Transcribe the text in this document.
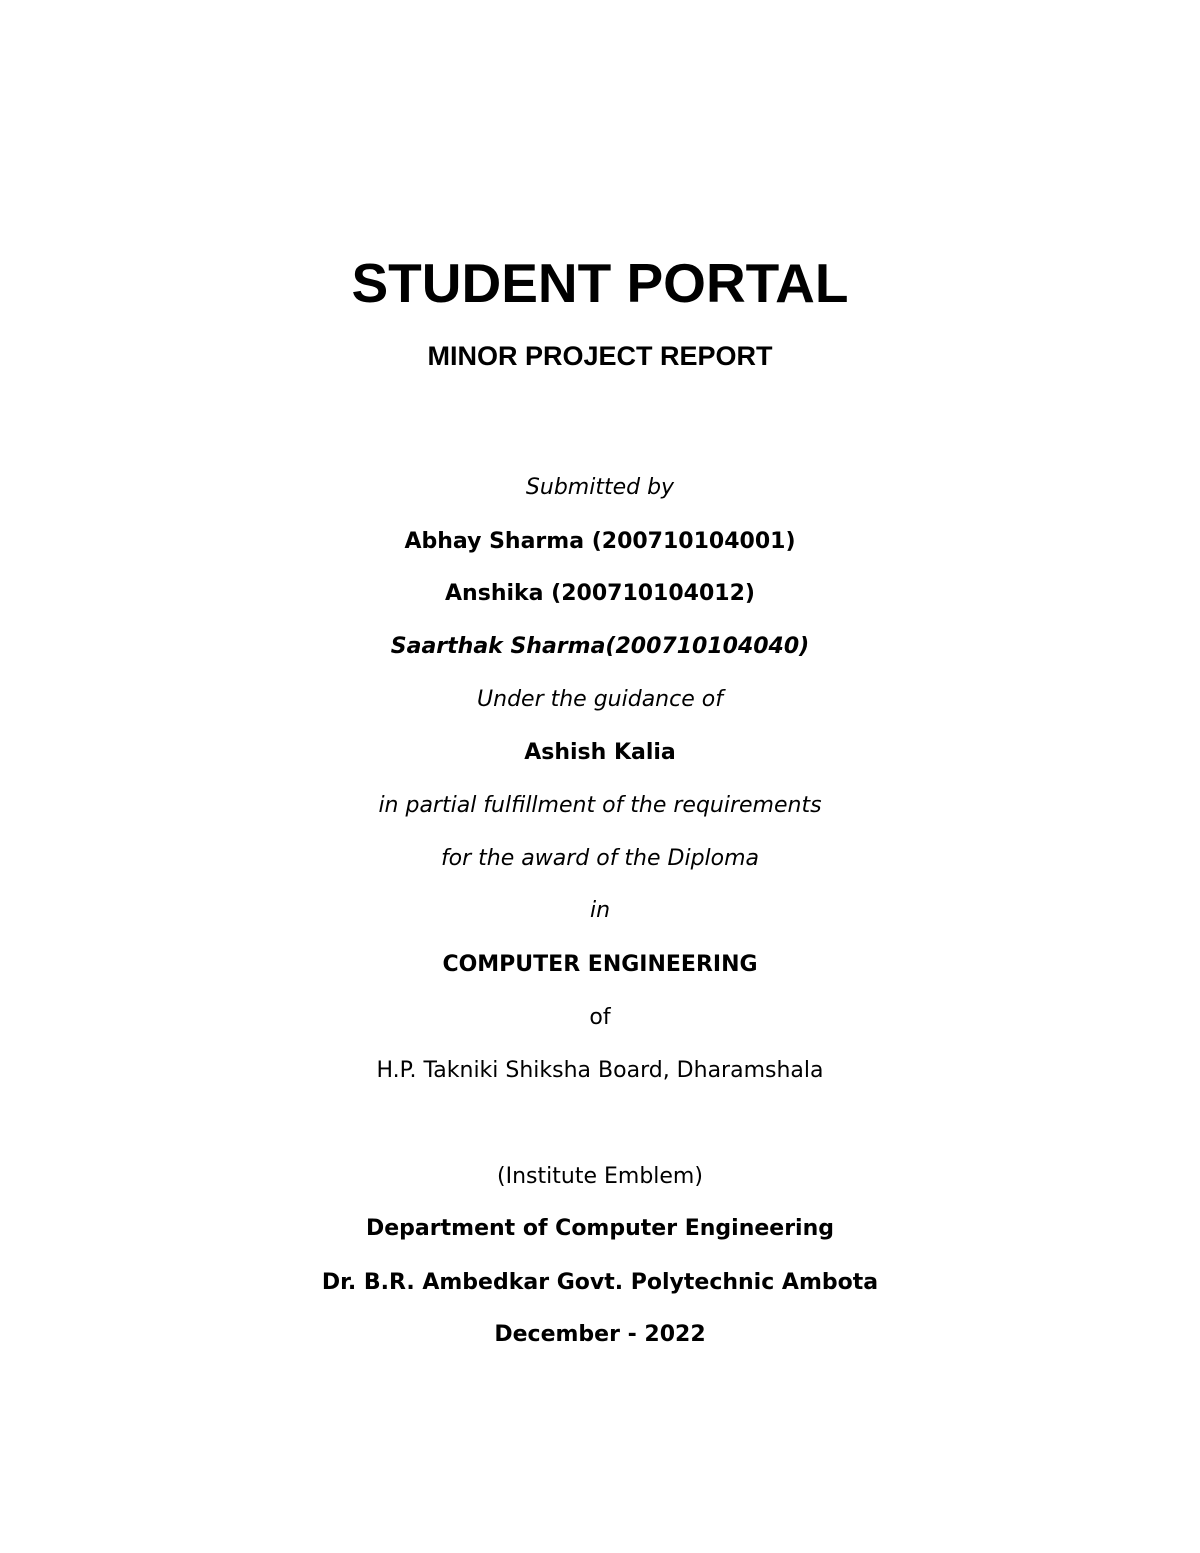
STUDENT PORTAL
MINOR PROJECT REPORT
Submitted by
Abhay Sharma (200710104001)
Anshika (200710104012)
Saarthak Sharma(200710104040)
Under the guidance of
Ashish Kalia
in partial fulfillment of the requirements
for the award of the Diploma
in
COMPUTER ENGINEERING
of
H.P. Takniki Shiksha Board, Dharamshala
(Institute Emblem)
Department of Computer Engineering
Dr. B.R. Ambedkar Govt. Polytechnic Ambota
December - 2022
